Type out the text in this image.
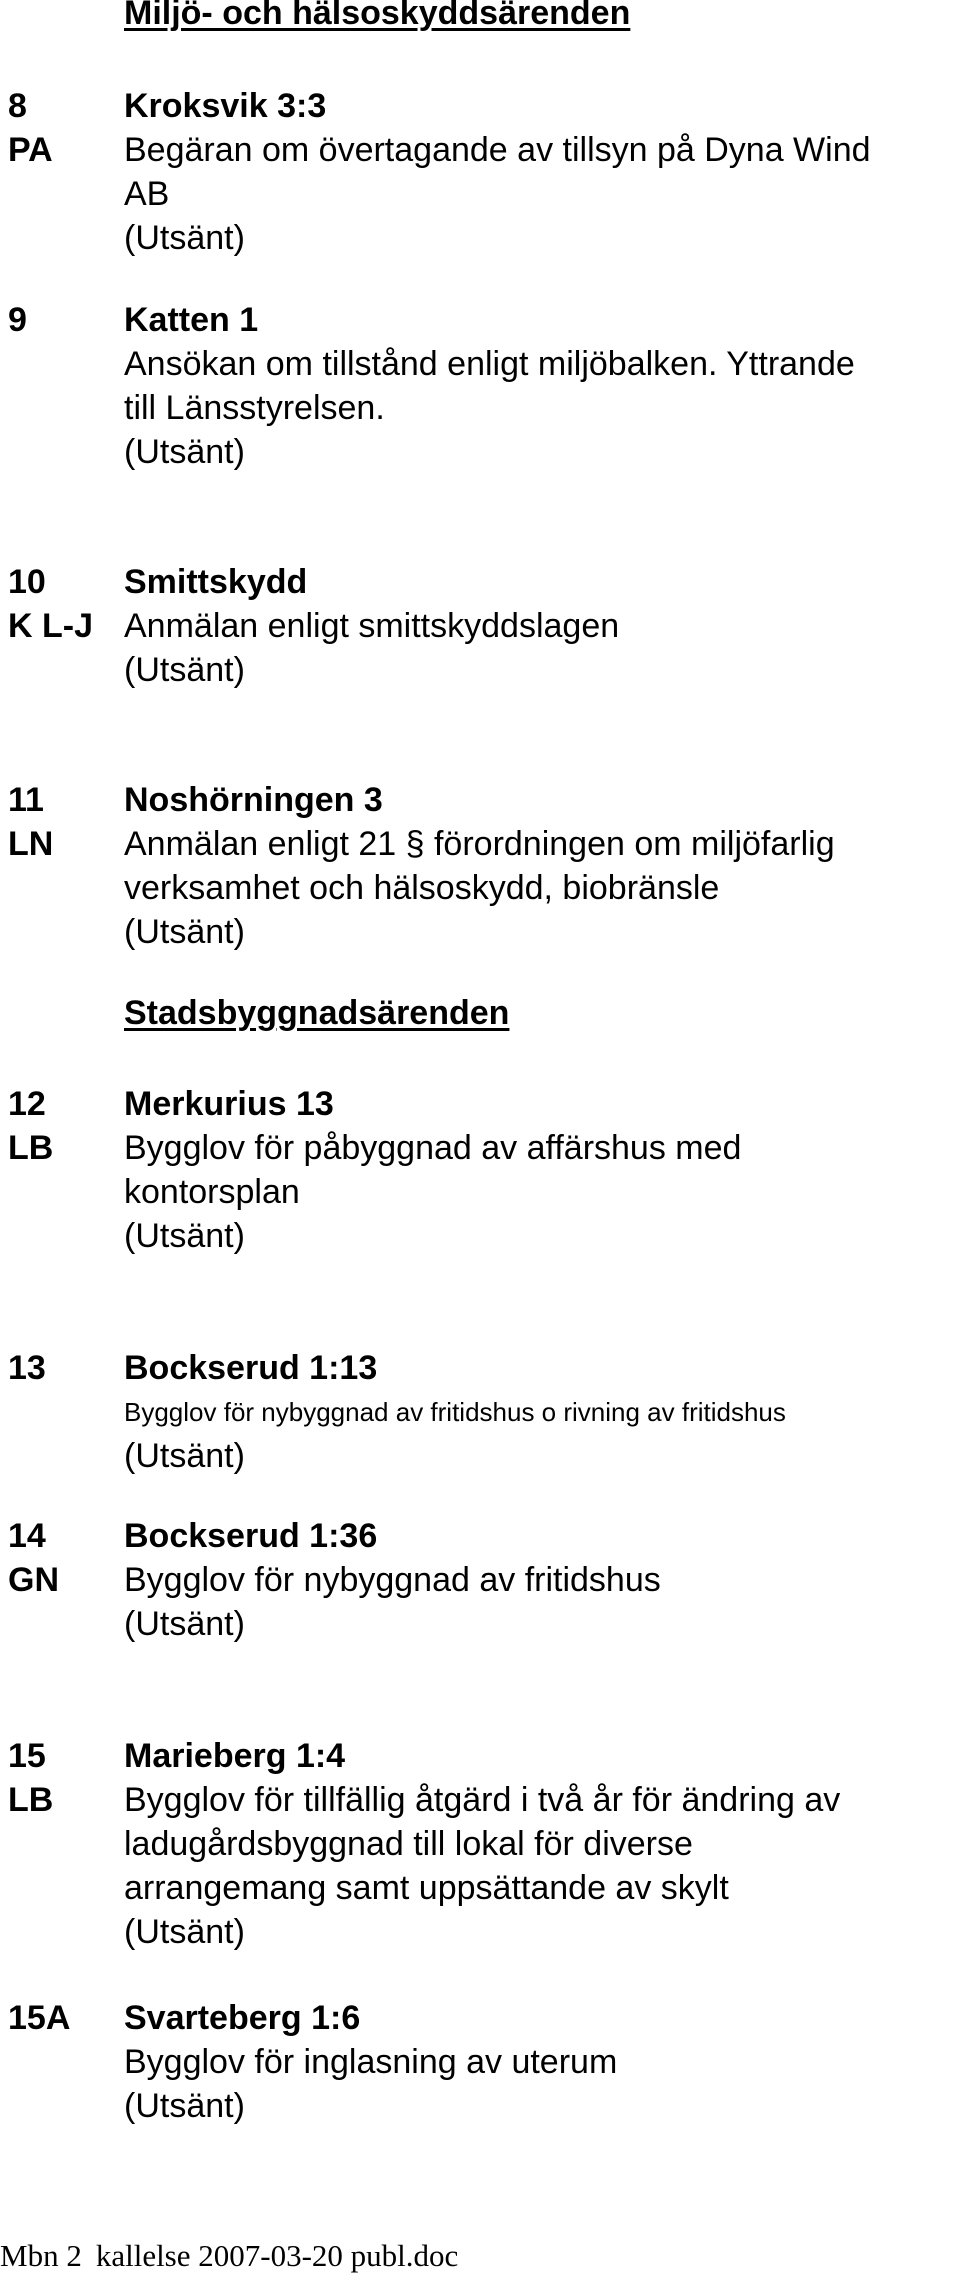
Miljö- och hälsoskyddsärenden
8	Kroksvik 3:3
PA Begäran om övertagande av tillsyn på Dyna Wind
AB
(Utsänt)
9	Katten 1
Ansökan om tillstånd enligt miljöbalken. Yttrande
till Länsstyrelsen.
(Utsänt)
10 Smittskydd
K L-J Anmälan enligt smittskyddslagen
(Utsänt)
11 Noshörningen 3
LN Anmälan enligt 21 § förordningen om miljöfarlig
verksamhet och hälsoskydd, biobränsle
(Utsänt)
Stadsbyggnadsärenden
12 Merkurius 13
LB Bygglov för påbyggnad av affärshus med
kontorsplan
(Utsänt)
13 Bockserud 1:13
Bygglov för nybyggnad av fritidshus o rivning av fritidshus
(Utsänt)
14 Bockserud 1:36
GN Bygglov för nybyggnad av fritidshus
(Utsänt)
15 Marieberg 1:4
LB Bygglov för tillfällig åtgärd i två år för ändring av
ladugårdsbyggnad till lokal för diverse
arrangemang samt uppsättande av skylt
(Utsänt)
15A Svarteberg 1:6
Bygglov för inglasning av uterum
(Utsänt)
Mbn 2 kallelse 2007-03-20 publ.doc
